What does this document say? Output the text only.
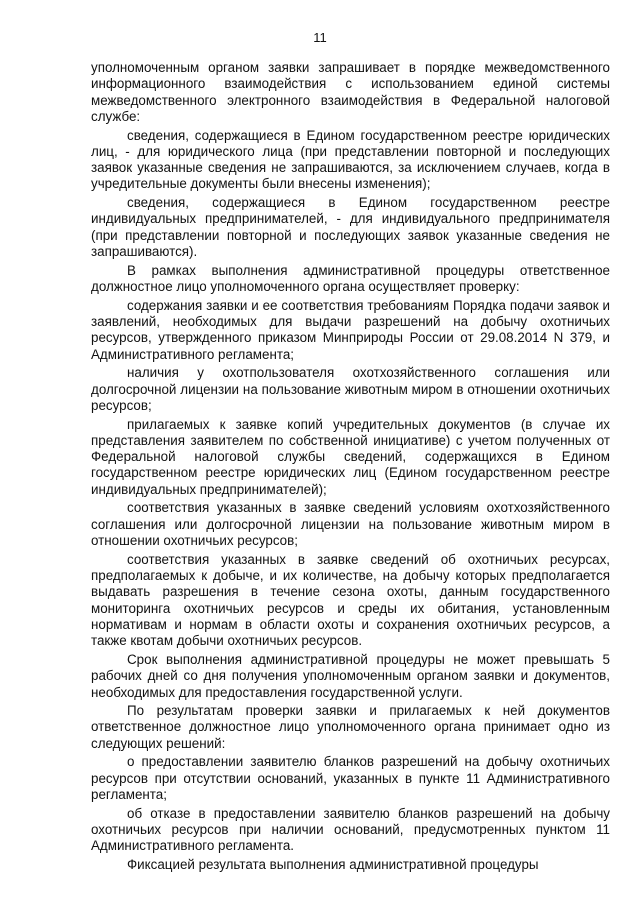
11

уполномоченным органом заявки запрашивает в порядке межведомственного информационного взаимодействия с использованием единой системы межведомственного электронного взаимодействия в Федеральной налоговой службе:

сведения, содержащиеся в Едином государственном реестре юридических лиц, - для юридического лица (при представлении повторной и последующих заявок указанные сведения не запрашиваются, за исключением случаев, когда в учредительные документы были внесены изменения);

сведения, содержащиеся в Едином государственном реестре индивидуальных предпринимателей, - для индивидуального предпринимателя (при представлении повторной и последующих заявок указанные сведения не запрашиваются).

В рамках выполнения административной процедуры ответственное должностное лицо уполномоченного органа осуществляет проверку:

содержания заявки и ее соответствия требованиям Порядка подачи заявок и заявлений, необходимых для выдачи разрешений на добычу охотничьих ресурсов, утвержденного приказом Минприроды России от 29.08.2014 N 379, и Административного регламента;

наличия у охотпользователя охотхозяйственного соглашения или долгосрочной лицензии на пользование животным миром в отношении охотничьих ресурсов;

прилагаемых к заявке копий учредительных документов (в случае их представления заявителем по собственной инициативе) с учетом полученных от Федеральной налоговой службы сведений, содержащихся в Едином государственном реестре юридических лиц (Едином государственном реестре индивидуальных предпринимателей);

соответствия указанных в заявке сведений условиям охотхозяйственного соглашения или долгосрочной лицензии на пользование животным миром в отношении охотничьих ресурсов;

соответствия указанных в заявке сведений об охотничьих ресурсах, предполагаемых к добыче, и их количестве, на добычу которых предполагается выдавать разрешения в течение сезона охоты, данным государственного мониторинга охотничьих ресурсов и среды их обитания, установленным нормативам и нормам в области охоты и сохранения охотничьих ресурсов, а также квотам добычи охотничьих ресурсов.

Срок выполнения административной процедуры не может превышать 5 рабочих дней со дня получения уполномоченным органом заявки и документов, необходимых для предоставления государственной услуги.

По результатам проверки заявки и прилагаемых к ней документов ответственное должностное лицо уполномоченного органа принимает одно из следующих решений:

о предоставлении заявителю бланков разрешений на добычу охотничьих ресурсов при отсутствии оснований, указанных в пункте 11 Административного регламента;

об отказе в предоставлении заявителю бланков разрешений на добычу охотничьих ресурсов при наличии оснований, предусмотренных пунктом 11 Административного регламента.

Фиксацией результата выполнения административной процедуры
